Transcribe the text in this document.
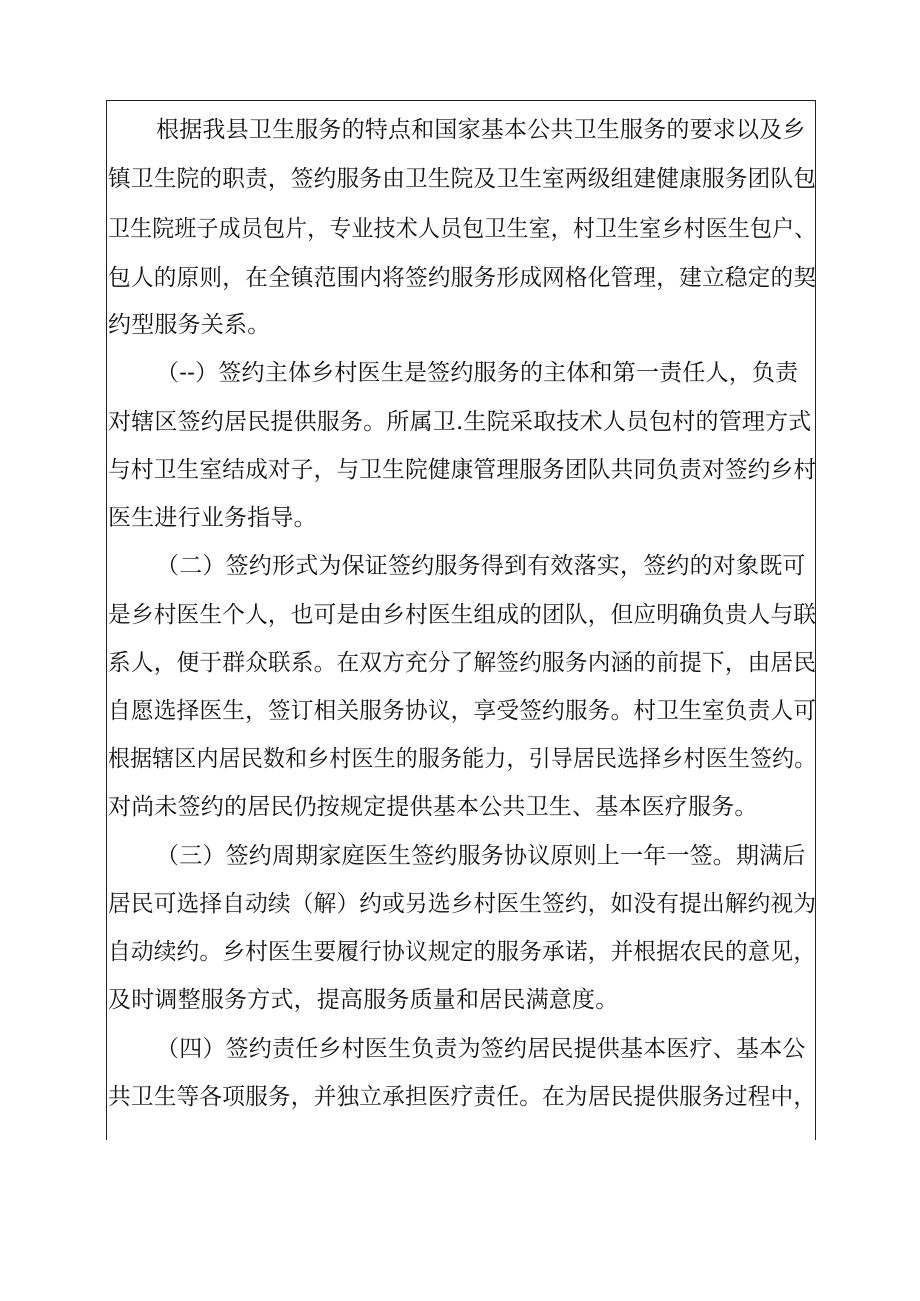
根据我县卫生服务的特点和国家基本公共卫生服务的要求以及乡
镇卫生院的职责，签约服务由卫生院及卫生室两级组建健康服务团队包
卫生院班子成员包片，专业技术人员包卫生室，村卫生室乡村医生包户、
包人的原则，在全镇范围内将签约服务形成网格化管理，建立稳定的契
约型服务关系。
（--）签约主体乡村医生是签约服务的主体和第一责任人，负责
对辖区签约居民提供服务。所属卫.生院采取技术人员包村的管理方式
与村卫生室结成对子，与卫生院健康管理服务团队共同负责对签约乡村
医生进行业务指导。
（二）签约形式为保证签约服务得到有效落实，签约的对象既可
是乡村医生个人，也可是由乡村医生组成的团队，但应明确负贵人与联
系人，便于群众联系。在双方充分了解签约服务内涵的前提下，由居民
自愿选择医生，签订相关服务协议，享受签约服务。村卫生室负责人可
根据辖区内居民数和乡村医生的服务能力，引导居民选择乡村医生签约。
对尚未签约的居民仍按规定提供基本公共卫生、基本医疗服务。
（三）签约周期家庭医生签约服务协议原则上一年一签。期满后
居民可选择自动续（解）约或另选乡村医生签约，如没有提出解约视为
自动续约。乡村医生要履行协议规定的服务承诺，并根据农民的意见，
及时调整服务方式，提高服务质量和居民满意度。
（四）签约责任乡村医生负责为签约居民提供基本医疗、基本公
共卫生等各项服务，并独立承担医疗责任。在为居民提供服务过程中，
